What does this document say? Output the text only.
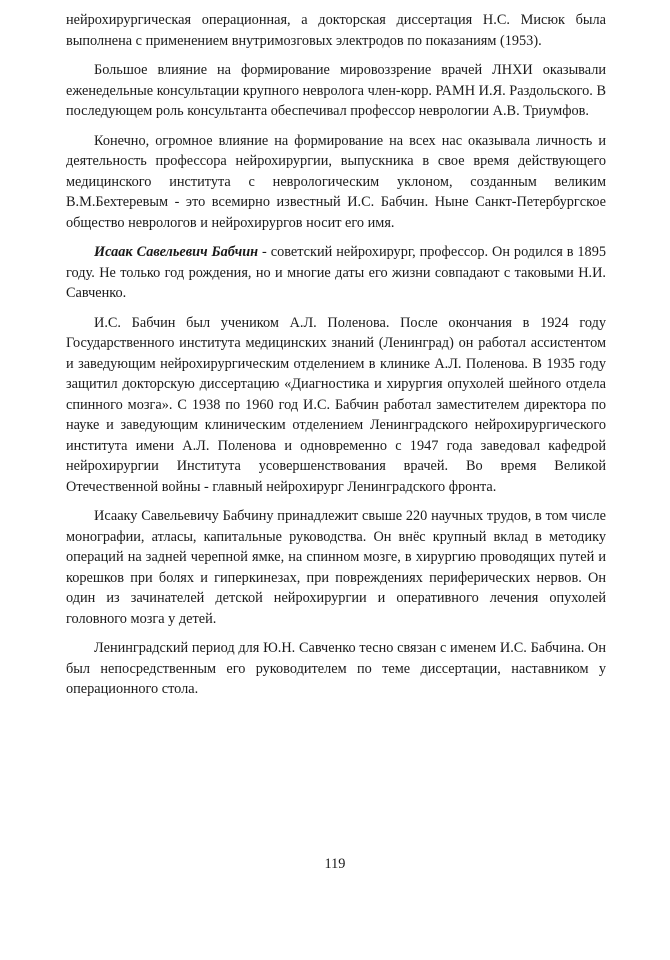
нейрохирургическая операционная, а докторская диссертация Н.С. Мисюк была выполнена с применением внутримозговых электродов по показаниям (1953).

Большое влияние на формирование мировоззрение врачей ЛНХИ оказывали еженедельные консультации крупного невролога член-корр. РАМН И.Я. Раздольского. В последующем роль консультанта обеспечивал профессор неврологии А.В. Триумфов.

Конечно, огромное влияние на формирование на всех нас оказывала личность и деятельность профессора нейрохирургии, выпускника в свое время действующего медицинского института с неврологическим уклоном, созданным великим В.М.Бехтеревым - это всемирно известный И.С. Бабчин. Ныне Санкт-Петербургское общество неврологов и нейрохирургов носит его имя.

Исаак Савельевич Бабчин - советский нейрохирург, профессор. Он родился в 1895 году. Не только год рождения, но и многие даты его жизни совпадают с таковыми Н.И. Савченко.

И.С. Бабчин был учеником А.Л. Поленова. После окончания в 1924 году Государственного института медицинских знаний (Ленинград) он работал ассистентом и заведующим нейрохирургическим отделением в клинике А.Л. Поленова. В 1935 году защитил докторскую диссертацию «Диагностика и хирургия опухолей шейного отдела спинного мозга». С 1938 по 1960 год И.С. Бабчин работал заместителем директора по науке и заведующим клиническим отделением Ленинградского нейрохирургического института имени А.Л. Поленова и одновременно с 1947 года заведовал кафедрой нейрохирургии Института усовершенствования врачей. Во время Великой Отечественной войны - главный нейрохирург Ленинградского фронта.

Исааку Савельевичу Бабчину принадлежит свыше 220 научных трудов, в том числе монографии, атласы, капитальные руководства. Он внёс крупный вклад в методику операций на задней черепной ямке, на спинном мозге, в хирургию проводящих путей и корешков при болях и гиперкинезах, при повреждениях периферических нервов. Он один из зачинателей детской нейрохирургии и оперативного лечения опухолей головного мозга у детей.

Ленинградский период для Ю.Н. Савченко тесно связан с именем И.С. Бабчина. Он был непосредственным его руководителем по теме диссертации, наставником у операционного стола.

119
